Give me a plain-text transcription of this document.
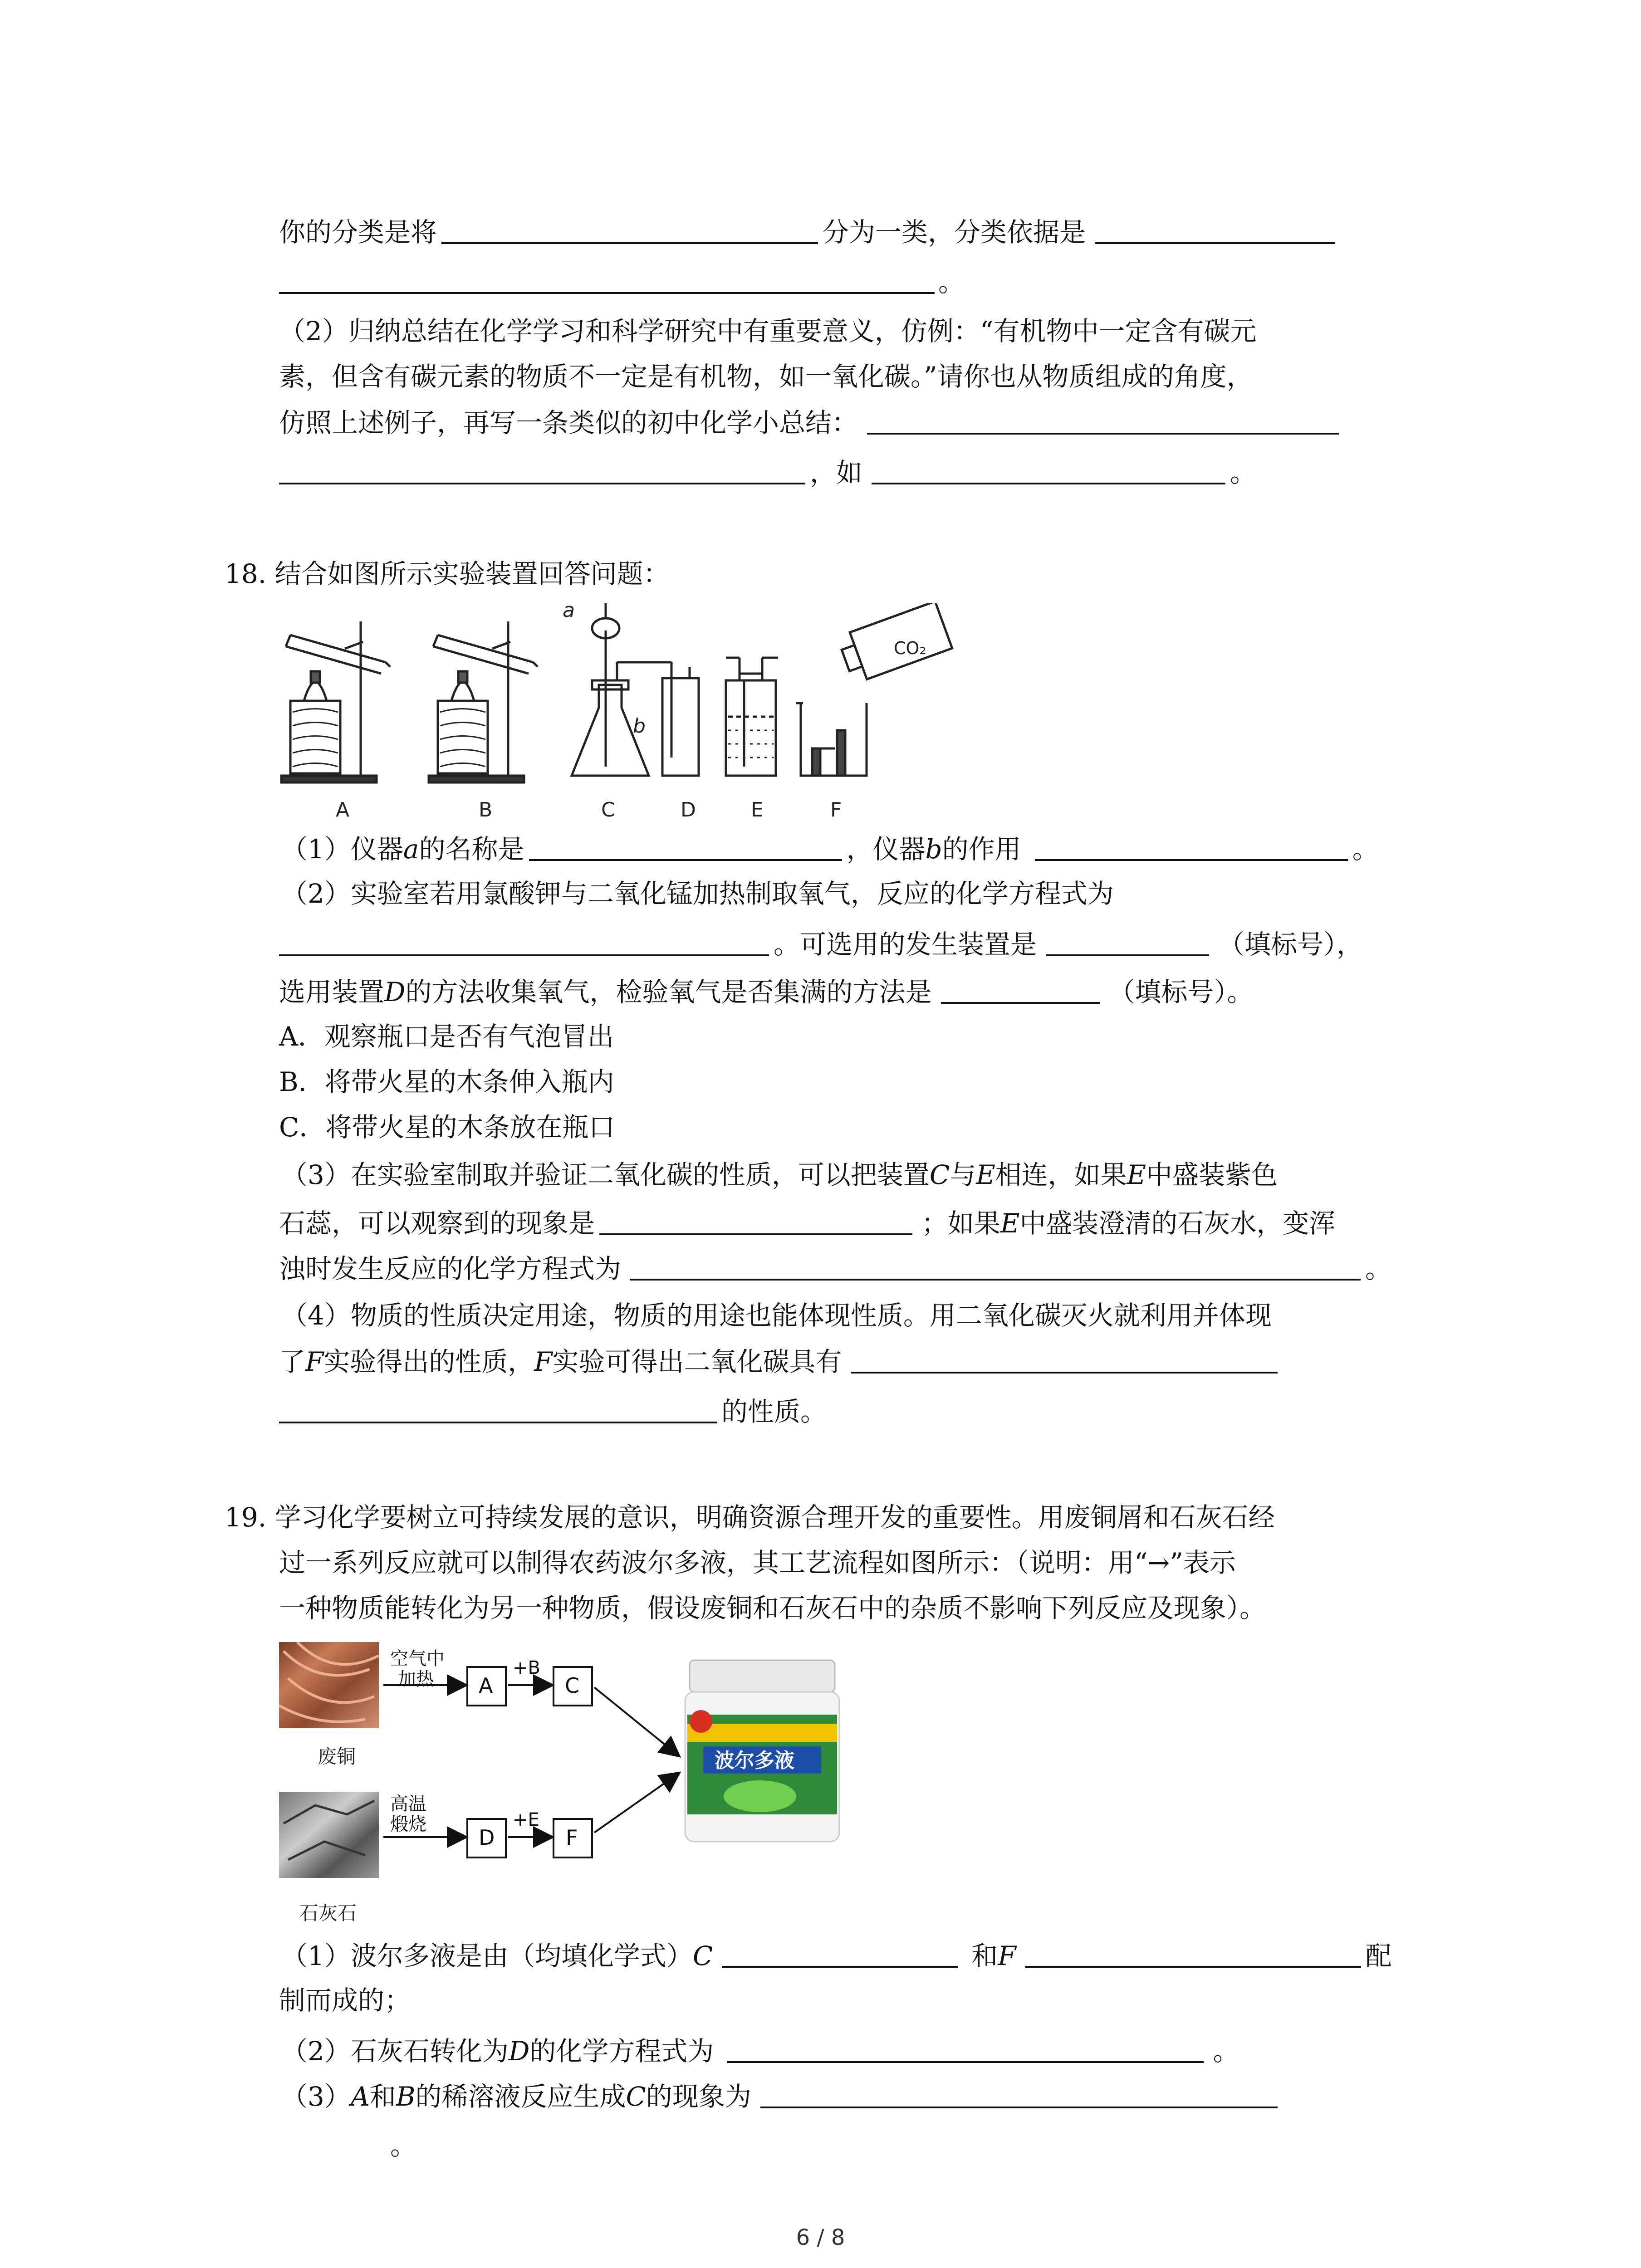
你的分类是将	分为一类，分类依据是
。
（2）归纳总结在化学学习和科学研究中有重要意义，仿例：“有机物中一定含有碳元
素，但含有碳元素的物质不一定是有机物，如一氧化碳。”请你也从物质组成的角度，
仿照上述例子，再写一条类似的初中化学小总结：
，如	。
18. 结合如图所示实验装置回答问题：
CO₂
a
b
A	B	C	D	E	F
（1）仪器a的名称是	，仪器b的作用	。
（2）实验室若用氯酸钾与二氧化锰加热制取氧气，反应的化学方程式为
。可选用的发生装置是	（填标号），
选用装置D的方法收集氧气，检验氧气是否集满的方法是	（填标号）。
A．观察瓶口是否有气泡冒出
B．将带火星的木条伸入瓶内
C．将带火星的木条放在瓶口
（3）在实验室制取并验证二氧化碳的性质，可以把装置C与E相连，如果E中盛装紫色
石蕊，可以观察到的现象是	；如果E中盛装澄清的石灰水，变浑
浊时发生反应的化学方程式为	。
（4）物质的性质决定用途，物质的用途也能体现性质。用二氧化碳灭火就利用并体现
了F实验得出的性质，F实验可得出二氧化碳具有
的性质。
19. 学习化学要树立可持续发展的意识，明确资源合理开发的重要性。用废铜屑和石灰石经
过一系列反应就可以制得农药波尔多液，其工艺流程如图所示：（说明：用“→”表示
一种物质能转化为另一种物质，假设废铜和石灰石中的杂质不影响下列反应及现象）。
空气中
加热 A
+B
C
高温
煅烧
D
+E
F
波尔多液
废铜
石灰石
（1）波尔多液是由（均填化学式）C	和F	配
制而成的；
（2）石灰石转化为D的化学方程式为	。
（3）A和B的稀溶液反应生成C的现象为
。
6 / 8
